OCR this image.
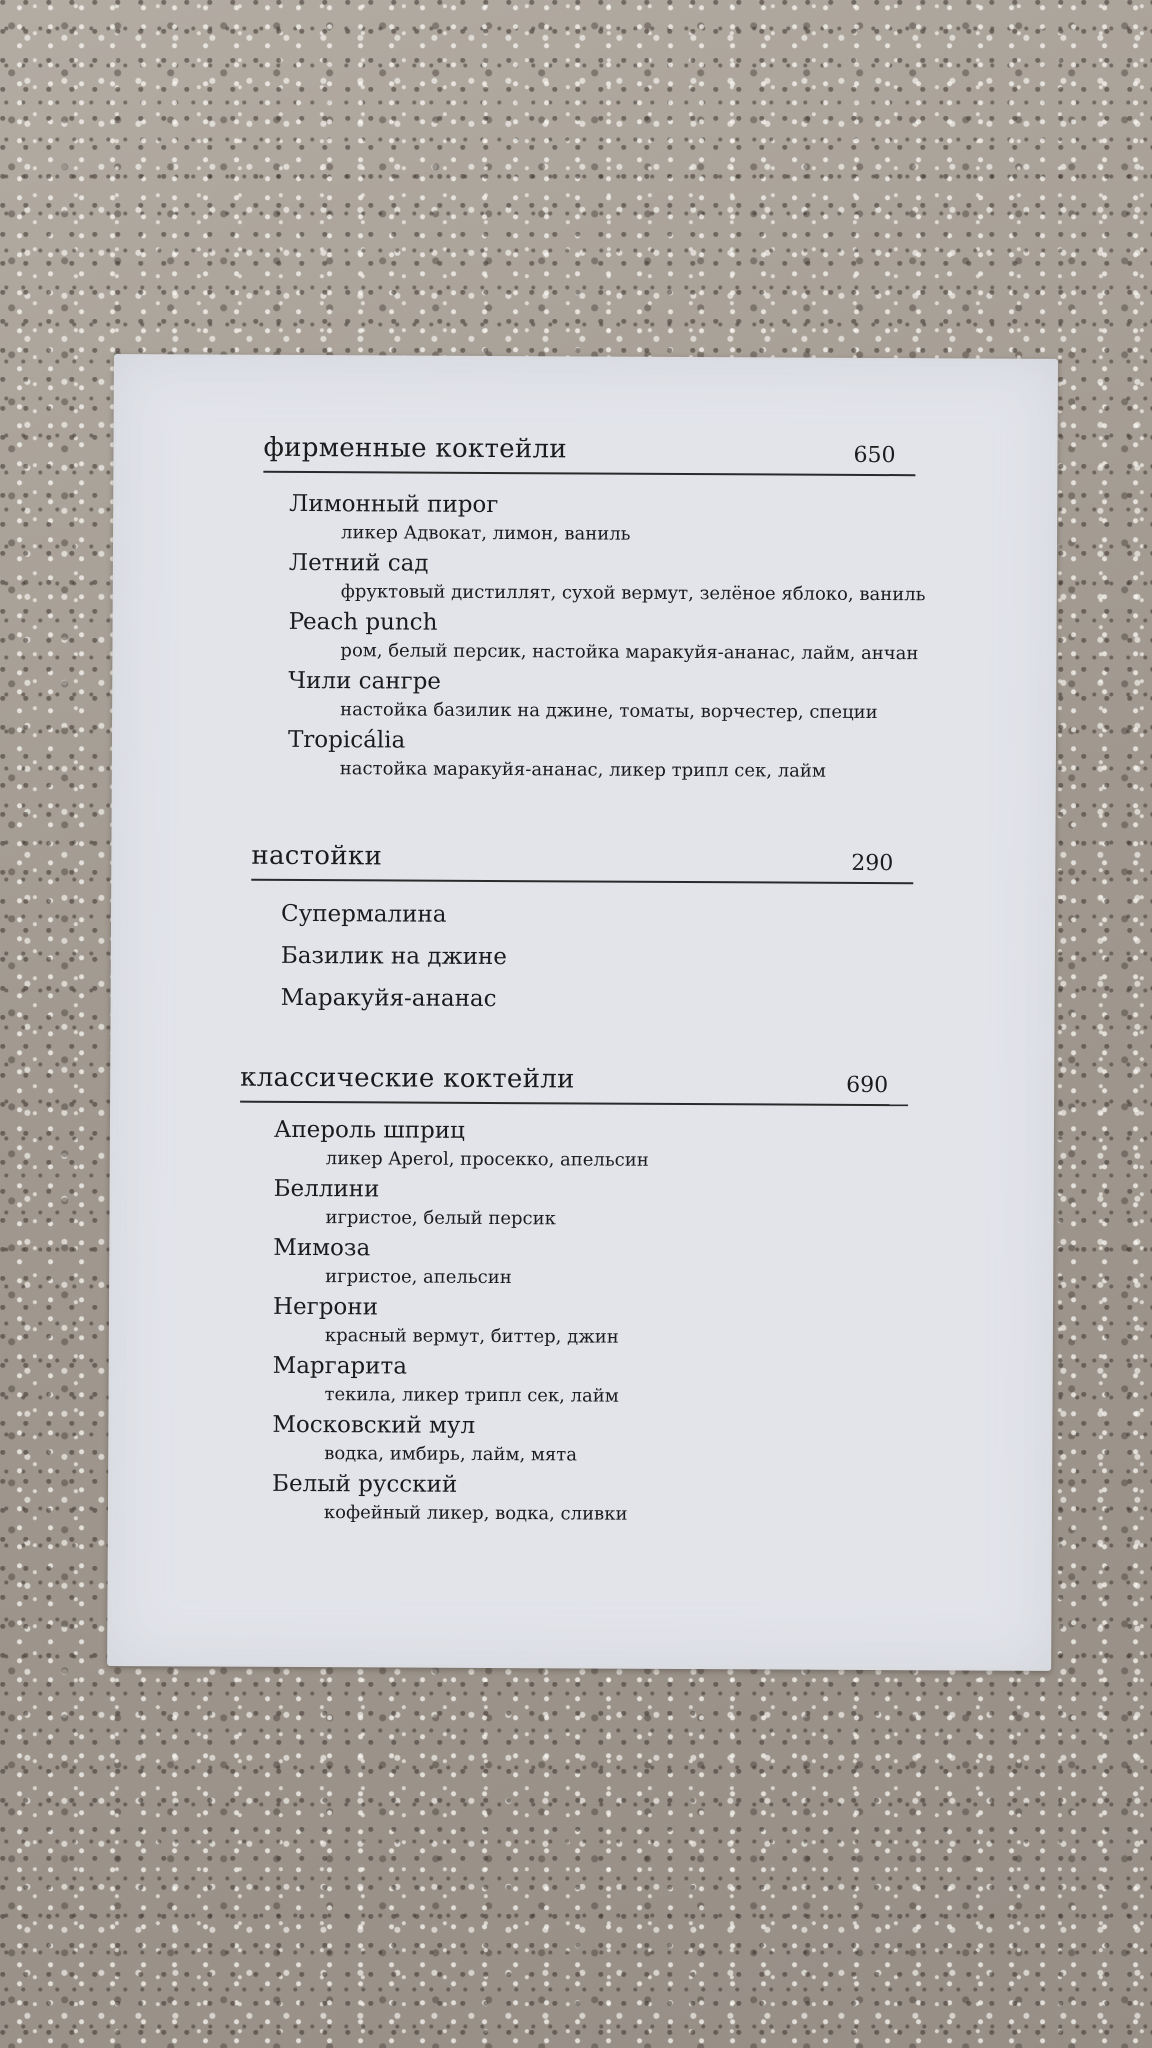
фирменные коктейли	650
Лимонный пирог
ликер Адвокат, лимон, ваниль
Летний сад
фруктовый дистиллят, сухой вермут, зелёное яблоко, ваниль
Peach punch
ром, белый персик, настойка маракуйя-ананас, лайм, анчан
Чили сангре
настойка базилик на джине, томаты, ворчестер, специи
Tropicália
настойка маракуйя-ананас, ликер трипл сек, лайм
настойки	290
Супермалина
Базилик на джине
Маракуйя-ананас
классические коктейли	690
Апероль шприц
ликер Aperol, просекко, апельсин
Беллини
игристое, белый персик
Мимоза
игристое, апельсин
Негрони
красный вермут, биттер, джин
Маргарита
текила, ликер трипл сек, лайм
Московский мул
водка, имбирь, лайм, мята
Белый русский
кофейный ликер, водка, сливки
